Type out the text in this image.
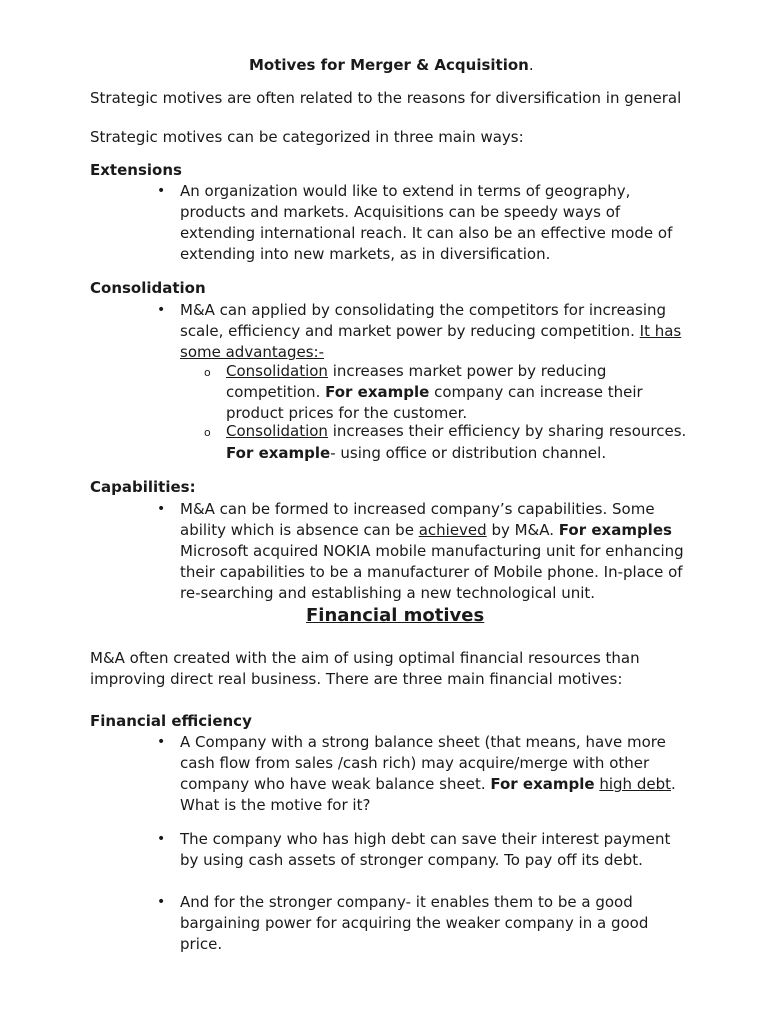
Motives for Merger & Acquisition.
Strategic motives are often related to the reasons for diversification in general
Strategic motives can be categorized in three main ways:
Extensions
• An organization would like to extend in terms of geography,
products and markets. Acquisitions can be speedy ways of
extending international reach. It can also be an effective mode of
extending into new markets, as in diversification.
Consolidation
• M&A can applied by consolidating the competitors for increasing
scale, efficiency and market power by reducing competition. It has
some advantages:-
o Consolidation increases market power by reducing
competition. For example company can increase their
product prices for the customer.
o Consolidation increases their efficiency by sharing resources.
For example- using office or distribution channel.
Capabilities:
• M&A can be formed to increased company’s capabilities. Some
ability which is absence can be achieved by M&A. For examples
Microsoft acquired NOKIA mobile manufacturing unit for enhancing
their capabilities to be a manufacturer of Mobile phone. In-place of
re-searching and establishing a new technological unit.
Financial motives
M&A often created with the aim of using optimal financial resources than
improving direct real business. There are three main financial motives:
Financial efficiency
• A Company with a strong balance sheet (that means, have more
cash flow from sales /cash rich) may acquire/merge with other
company who have weak balance sheet. For example high debt.
What is the motive for it?
• The company who has high debt can save their interest payment
by using cash assets of stronger company. To pay off its debt.
• And for the stronger company- it enables them to be a good
bargaining power for acquiring the weaker company in a good
price.
